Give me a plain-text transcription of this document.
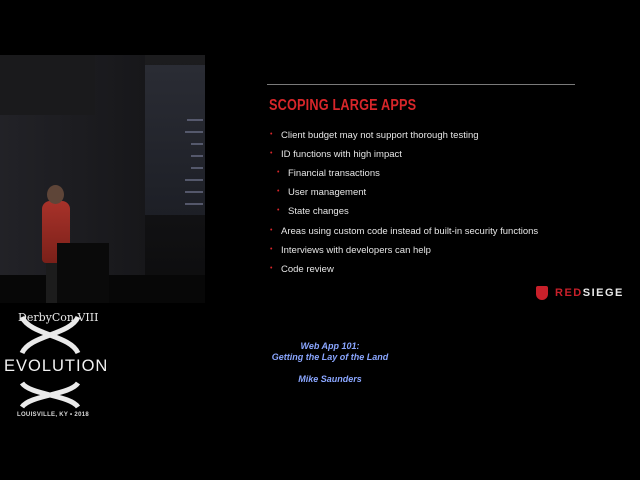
SCOPING LARGE APPS
• Client budget may not support thorough testing
• ID functions with high impact
• Financial transactions
• User management
• State changes
• Areas using custom code instead of built-in security functions
• Interviews with developers can help
• Code review
RED SIEGE
DerbyCon VIII
EVOLUTION
LOUISVILLE, KY • 2018
Web App 101:
Getting the Lay of the Land
Mike Saunders
